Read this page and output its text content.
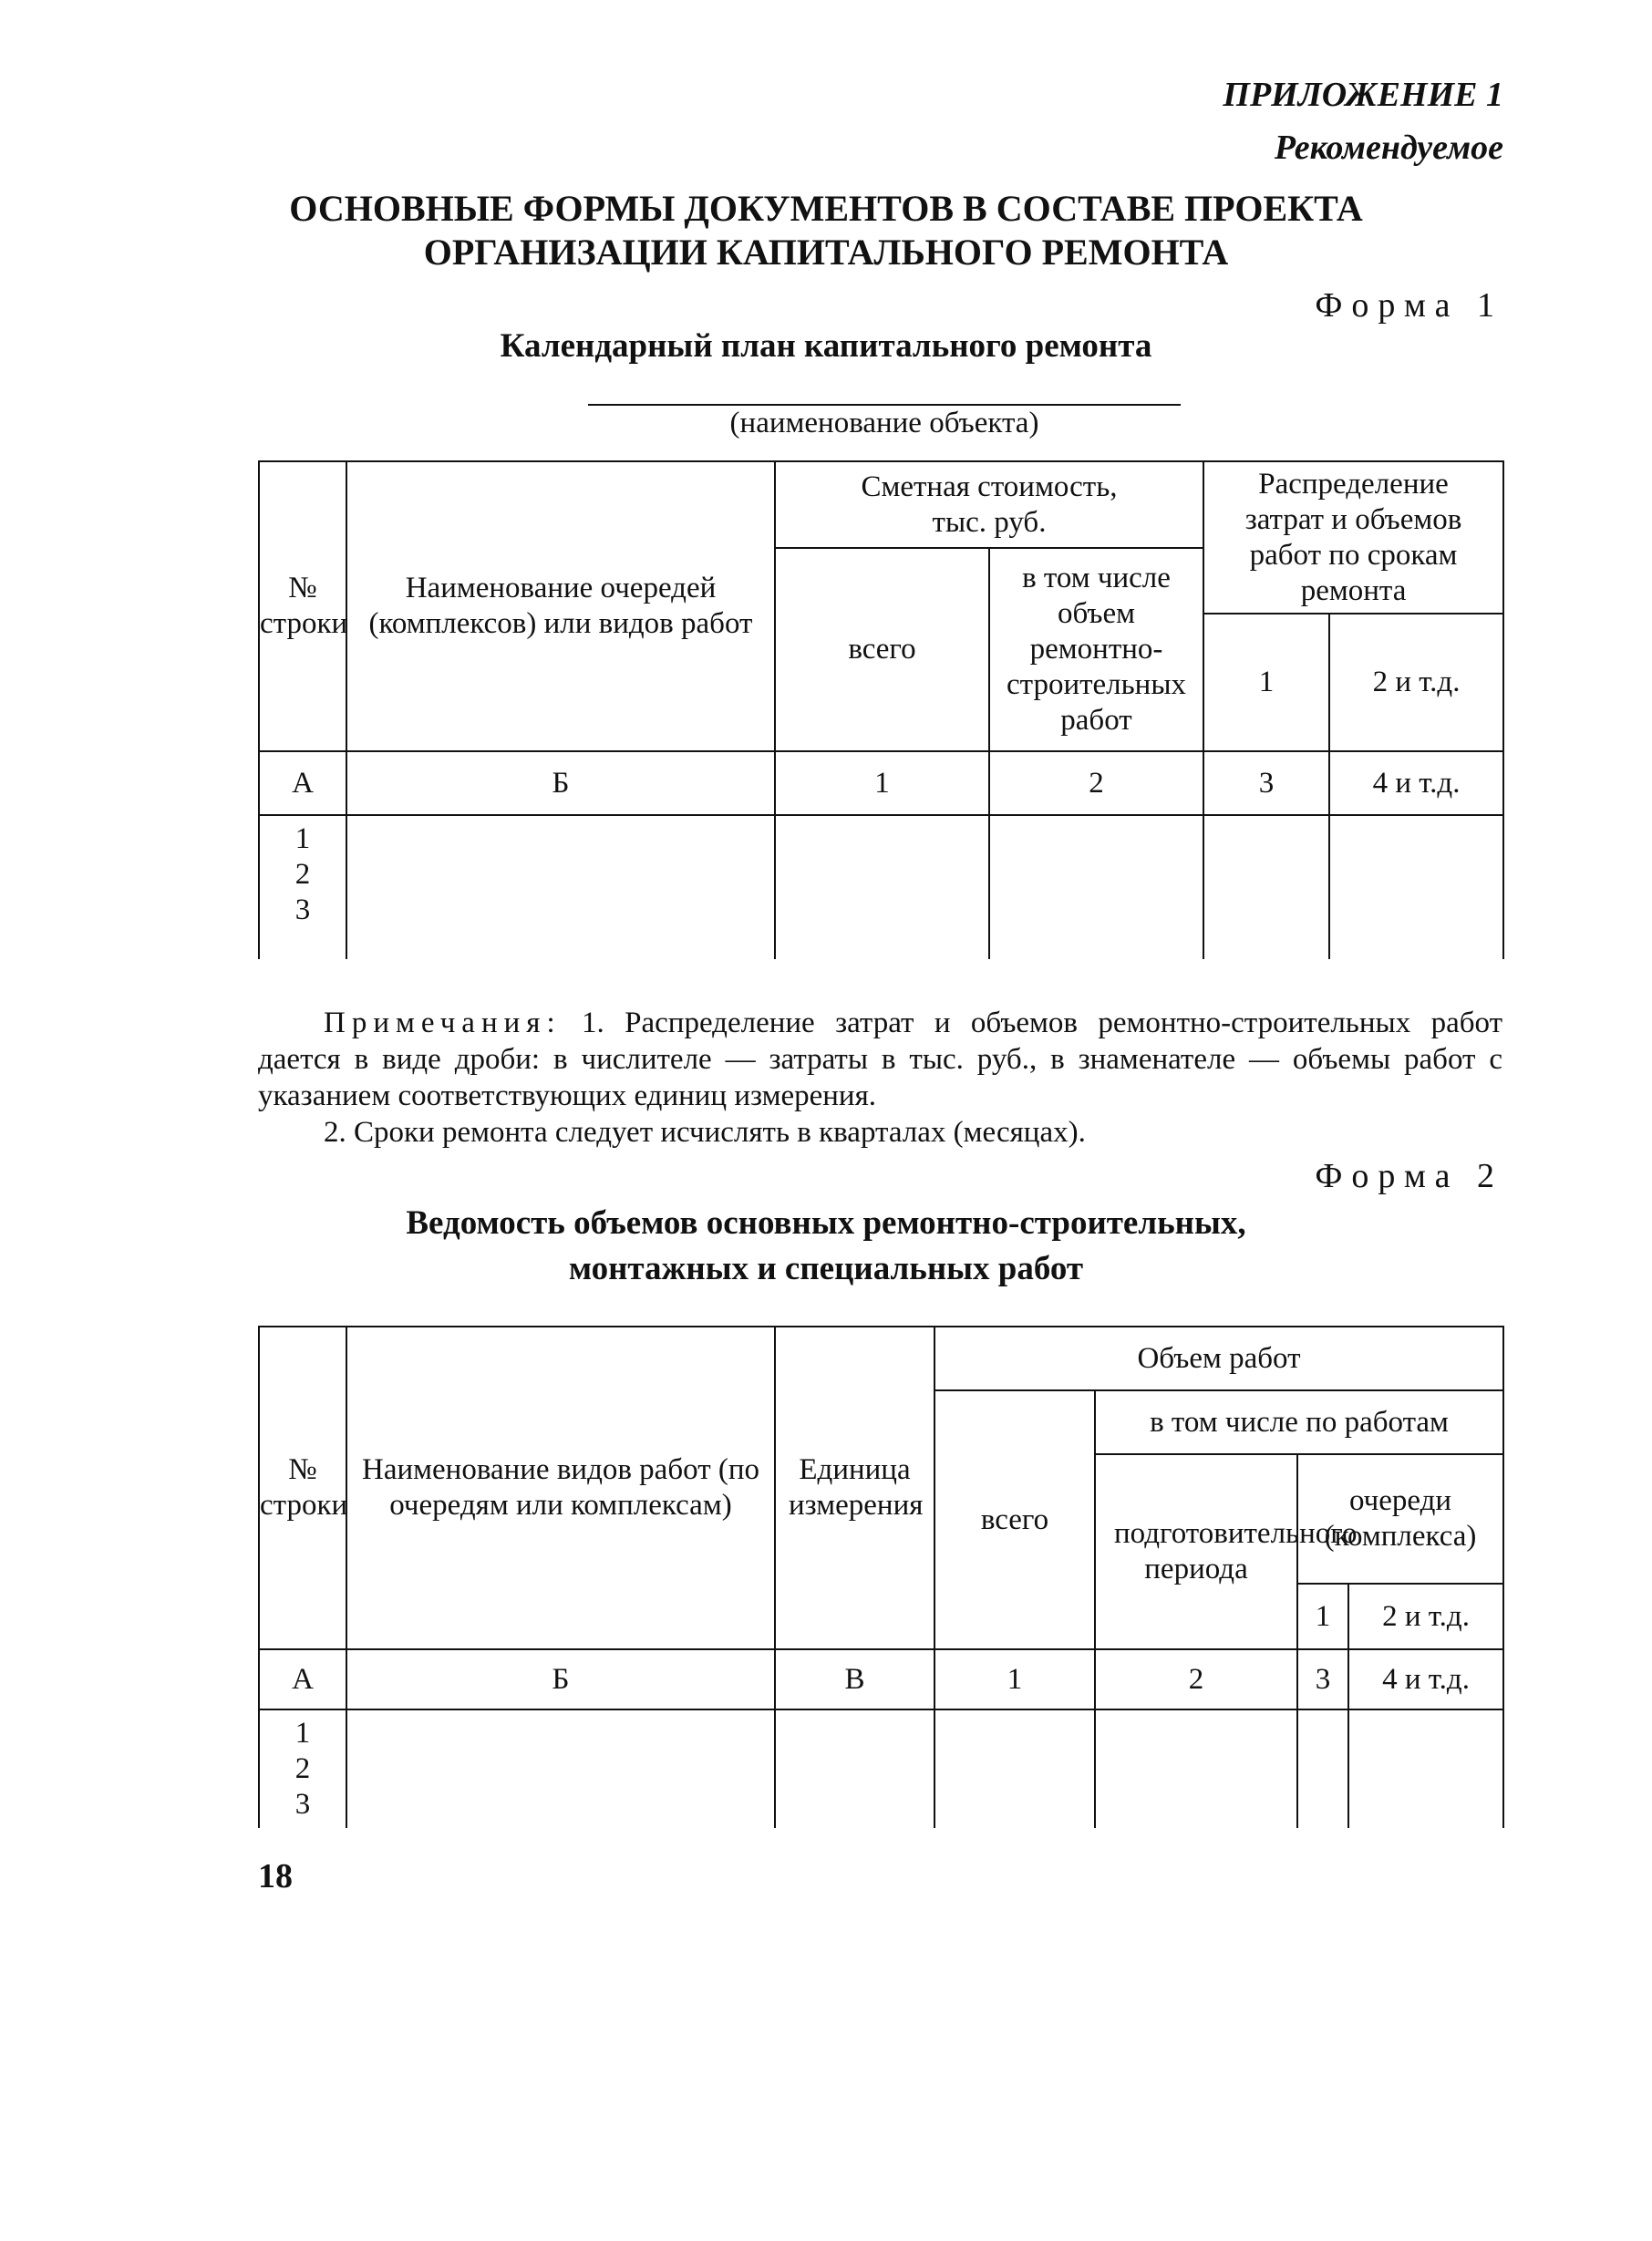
ПРИЛОЖЕНИЕ 1
Рекомендуемое
ОСНОВНЫЕ ФОРМЫ ДОКУМЕНТОВ В СОСТАВЕ ПРОЕКТА
ОРГАНИЗАЦИИ КАПИТАЛЬНОГО РЕМОНТА
Форма 1
Календарный план капитального ремонта
(наименование объекта)
№ строки	Наименование очередей (комплексов) или видов работ	Сметная стоимость, тыс. руб.		Распределение затрат и объемов работ по срокам ремонта	
		всего	в том числе объем ремонтно-строительных работ		
				1	2 и т.д.
А	Б	1	2	3	4 и т.д.

1
2
3					

Примечания: 1. Распределение затрат и объемов ремонтно-строительных работ дается в виде дроби: в числителе — затраты в тыс. руб., в знаменателе — объемы работ с указанием соответствующих единиц измерения.

2. Сроки ремонта следует исчислять в кварталах (месяцах).

Форма 2
Ведомость объемов основных ремонтно-строительных,
монтажных и специальных работ
№ строки	Наименование видов работ (по очередям или комплексам)	Единица измерения	Объем работ			
			всего	в том числе по работам		
				подготовительного периода	очереди (комплекса)	
					1	2 и т.д.
А	Б	В	1	2	3	4 и т.д.

1
2
3						

18
